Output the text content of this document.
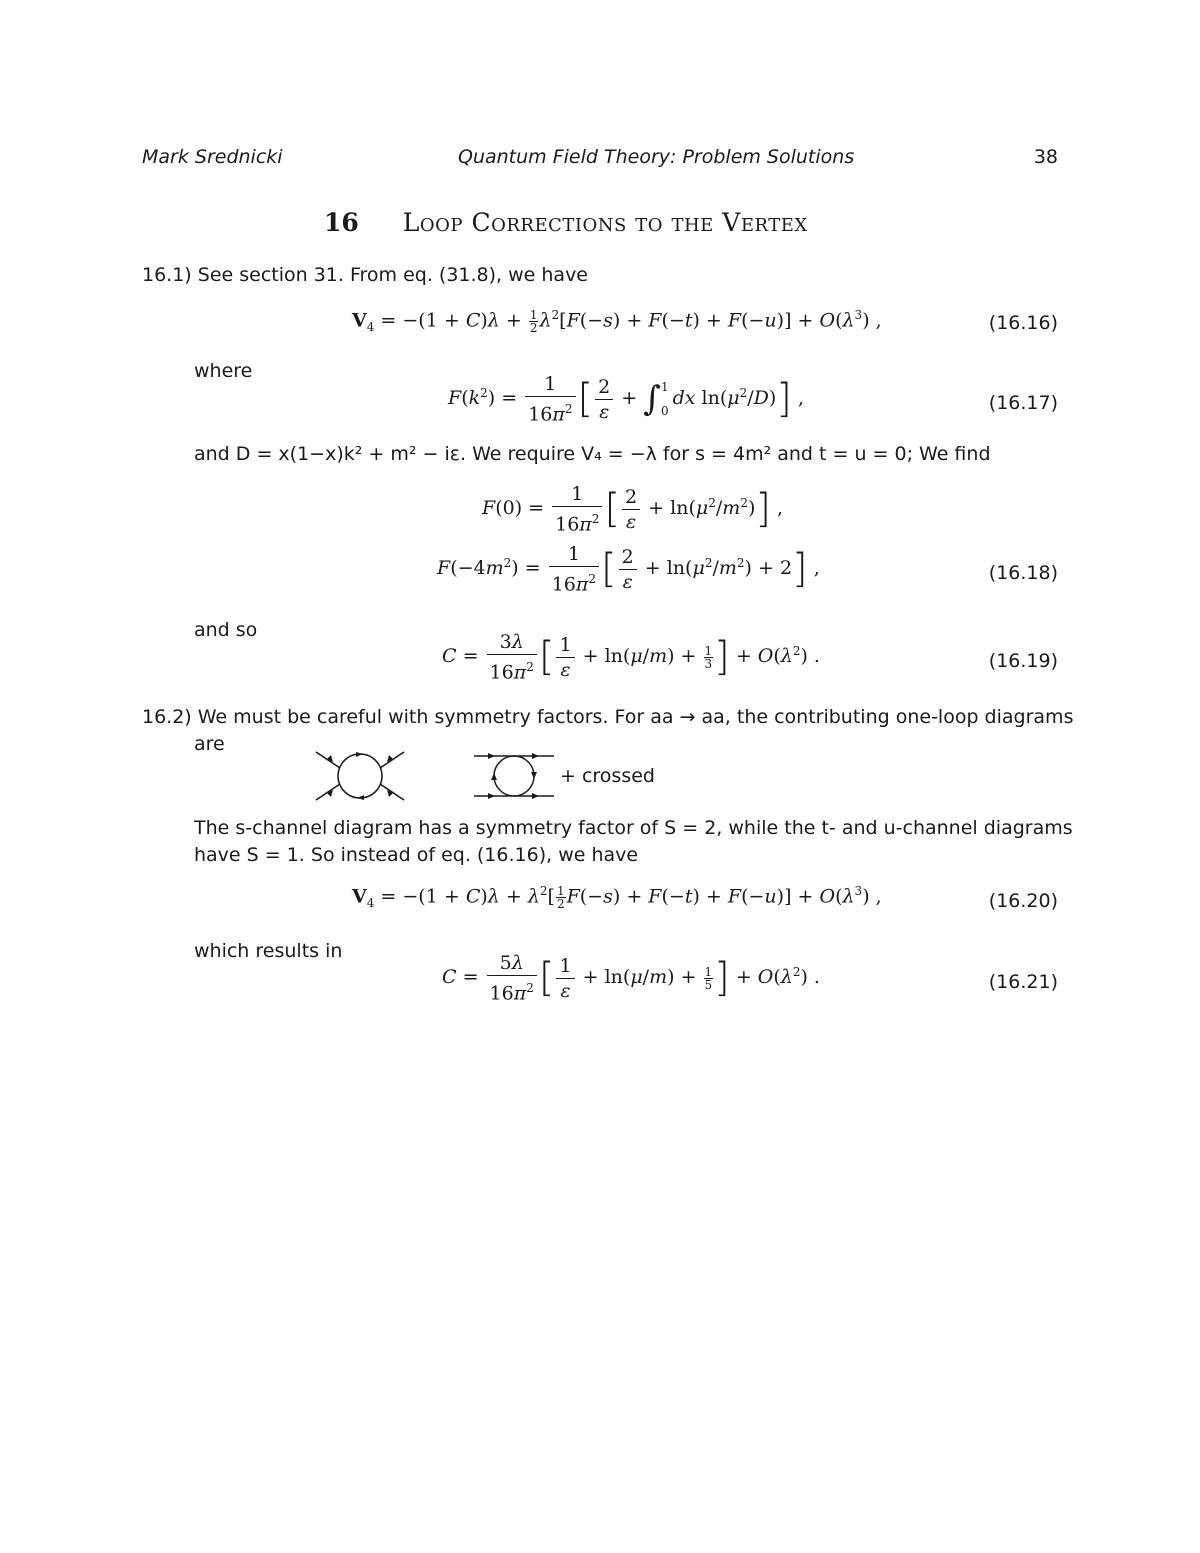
Mark Srednicki	Quantum Field Theory: Problem Solutions	38
16 Loop Corrections to the Vertex
16.1) See section 31. From eq. (31.8), we have
$V_4 = -(1 + C)\lambda + \frac{1}{2} \lambda^2[F(-s) + F(-t) + F(-u)] + O(\lambda^3)$ ,	(16.16)
where
$F(k^2) = \frac{1}{16\pi^2}$ [ $\frac{2}{\varepsilon}$ + ∫ 1
0
dx $\ln(\mu^2/D)$] ,	(16.17)
and D = x(1−x)k² + m² − iε. We require V₄ = −λ for s = 4m² and t = u = 0; We find
$F(0) = \frac{1}{16\pi^2}$ [ $\frac{2}{\varepsilon} + \ln(\mu^2/m^2)$] ,
$F(-4m^2) = \frac{1}{16\pi^2}$ [ $\frac{2}{\varepsilon} + \ln(\mu^2/m^2) + 2$] ,	(16.18)
and so
$C = \frac{3\lambda}{16\pi^2}$ [ $\frac{1}{\varepsilon} + \ln(\mu/m) + \frac{1}{3}$ ] + $O(\lambda^2)$ .	(16.19)
16.2) We must be careful with symmetry factors. For aa → aa, the contributing one-loop diagrams
are
+ crossed
The s-channel diagram has a symmetry factor of S = 2, while the t- and u-channel diagrams
have S = 1. So instead of eq. (16.16), we have
$V_4 = -(1 + C)\lambda + \lambda^2[ \frac{1}{2} F(-s) + F(-t) + F(-u)] + O(\lambda^3)$ ,	(16.20)
which results in
$C = \frac{5\lambda}{16\pi^2}$ [ $\frac{1}{\varepsilon} + \ln(\mu/m) + \frac{1}{5}$ ] + $O(\lambda^2)$ .	(16.21)
